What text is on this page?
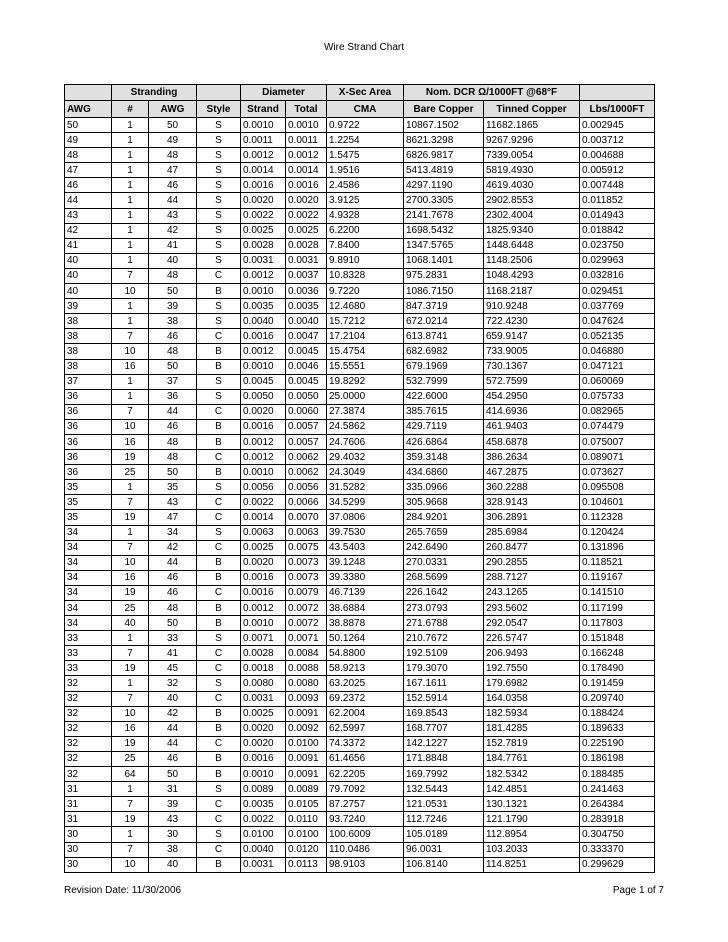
Wire Strand Chart
	Stranding			Diameter		X-Sec Area	Nom. DCR Ω/1000FT @68°F		
AWG	#	AWG	Style	Strand	Total	CMA	Bare Copper	Tinned Copper	Lbs/1000FT
50	1	50	S	0.0010	0.0010	0.9722	10867.1502	11682.1865	0.002945
49	1	49	S	0.0011	0.0011	1.2254	8621.3298	9267.9296	0.003712
48	1	48	S	0.0012	0.0012	1.5475	6826.9817	7339.0054	0.004688
47	1	47	S	0.0014	0.0014	1.9516	5413.4819	5819.4930	0.005912
46	1	46	S	0.0016	0.0016	2.4586	4297.1190	4619.4030	0.007448
44	1	44	S	0.0020	0.0020	3.9125	2700.3305	2902.8553	0.011852
43	1	43	S	0.0022	0.0022	4.9328	2141.7678	2302.4004	0.014943
42	1	42	S	0.0025	0.0025	6.2200	1698.5432	1825.9340	0.018842
41	1	41	S	0.0028	0.0028	7.8400	1347.5765	1448.6448	0.023750
40	1	40	S	0.0031	0.0031	9.8910	1068.1401	1148.2506	0.029963
40	7	48	C	0.0012	0.0037	10.8328	975.2831	1048.4293	0.032816
40	10	50	B	0.0010	0.0036	9.7220	1086.7150	1168.2187	0.029451
39	1	39	S	0.0035	0.0035	12.4680	847.3719	910.9248	0.037769
38	1	38	S	0.0040	0.0040	15.7212	672.0214	722.4230	0.047624
38	7	46	C	0.0016	0.0047	17.2104	613.8741	659.9147	0.052135
38	10	48	B	0.0012	0.0045	15.4754	682.6982	733.9005	0.046880
38	16	50	B	0.0010	0.0046	15.5551	679.1969	730.1367	0.047121
37	1	37	S	0.0045	0.0045	19.8292	532.7999	572.7599	0.060069
36	1	36	S	0.0050	0.0050	25.0000	422.6000	454.2950	0.075733
36	7	44	C	0.0020	0.0060	27.3874	385.7615	414.6936	0.082965
36	10	46	B	0.0016	0.0057	24.5862	429.7119	461.9403	0.074479
36	16	48	B	0.0012	0.0057	24.7606	426.6864	458.6878	0.075007
36	19	48	C	0.0012	0.0062	29.4032	359.3148	386.2634	0.089071
36	25	50	B	0.0010	0.0062	24.3049	434.6860	467.2875	0.073627
35	1	35	S	0.0056	0.0056	31.5282	335.0966	360.2288	0.095508
35	7	43	C	0.0022	0.0066	34.5299	305.9668	328.9143	0.104601
35	19	47	C	0.0014	0.0070	37.0806	284.9201	306.2891	0.112328
34	1	34	S	0.0063	0.0063	39.7530	265.7659	285.6984	0.120424
34	7	42	C	0.0025	0.0075	43.5403	242.6490	260.8477	0.131896
34	10	44	B	0.0020	0.0073	39.1248	270.0331	290.2855	0.118521
34	16	46	B	0.0016	0.0073	39.3380	268.5699	288.7127	0.119167
34	19	46	C	0.0016	0.0079	46.7139	226.1642	243.1265	0.141510
34	25	48	B	0.0012	0.0072	38.6884	273.0793	293.5602	0.117199
34	40	50	B	0.0010	0.0072	38.8878	271.6788	292.0547	0.117803
33	1	33	S	0.0071	0.0071	50.1264	210.7672	226.5747	0.151848
33	7	41	C	0.0028	0.0084	54.8800	192.5109	206.9493	0.166248
33	19	45	C	0.0018	0.0088	58.9213	179.3070	192.7550	0.178490
32	1	32	S	0.0080	0.0080	63.2025	167.1611	179.6982	0.191459
32	7	40	C	0.0031	0.0093	69.2372	152.5914	164.0358	0.209740
32	10	42	B	0.0025	0.0091	62.2004	169.8543	182.5934	0.188424
32	16	44	B	0.0020	0.0092	62.5997	168.7707	181.4285	0.189633
32	19	44	C	0.0020	0.0100	74.3372	142.1227	152.7819	0.225190
32	25	46	B	0.0016	0.0091	61.4656	171.8848	184.7761	0.186198
32	64	50	B	0.0010	0.0091	62.2205	169.7992	182.5342	0.188485
31	1	31	S	0.0089	0.0089	79.7092	132.5443	142.4851	0.241463
31	7	39	C	0.0035	0.0105	87.2757	121.0531	130.1321	0.264384
31	19	43	C	0.0022	0.0110	93.7240	112.7246	121.1790	0.283918
30	1	30	S	0.0100	0.0100	100.6009	105.0189	112.8954	0.304750
30	7	38	C	0.0040	0.0120	110.0486	96.0031	103.2033	0.333370
30	10	40	B	0.0031	0.0113	98.9103	106.8140	114.8251	0.299629
Revision Date: 11/30/2006	Page 1 of 7
